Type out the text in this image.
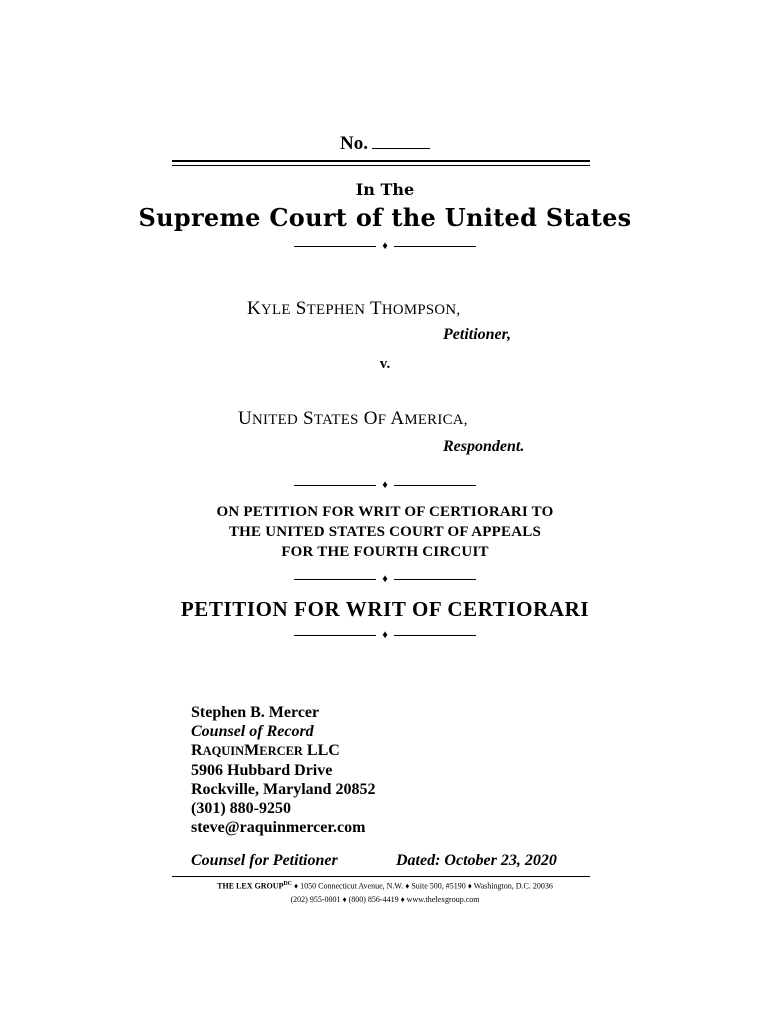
No.
In The
Supreme Court of the United States
♦
KYLE STEPHEN THOMPSON,
Petitioner,
v.
UNITED STATES OF AMERICA,
Respondent.
♦
ON PETITION FOR WRIT OF CERTIORARI TO
THE UNITED STATES COURT OF APPEALS
FOR THE FOURTH CIRCUIT
♦
PETITION FOR WRIT OF CERTIORARI
♦
Stephen B. Mercer
Counsel of Record
RAQUINMERCER LLC
5906 Hubbard Drive
Rockville, Maryland 20852
(301) 880-9250
steve@raquinmercer.com
Counsel for Petitioner	Dated: October 23, 2020
THE LEX $GROUP^{DC}$ ♦ 1050 Connecticut Avenue, N.W. ♦ Suite 500, #5190 ♦ Washington, D.C. 20036
(202) 955-0001 ♦ (800) 856-4419 ♦ www.thelexgroup.com
